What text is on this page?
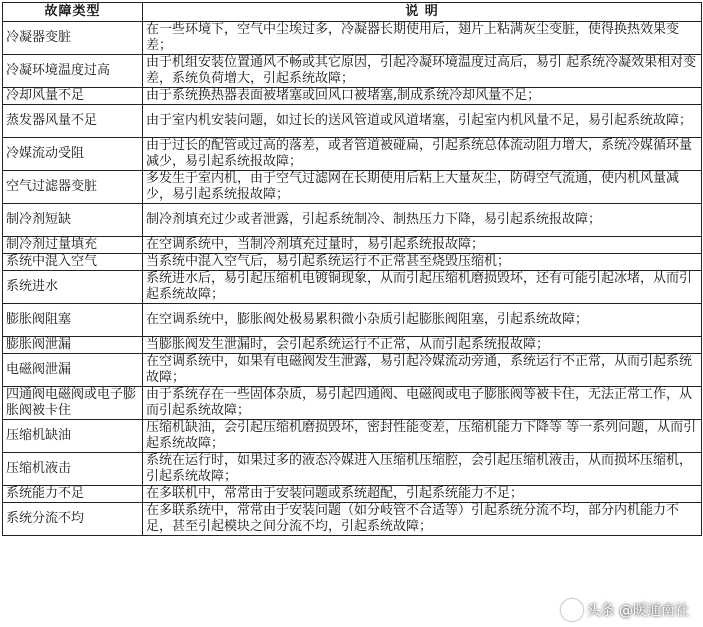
故障类型	说 明
冷凝器变脏	在一些环境下，空气中尘埃过多，冷凝器长期使用后，翅片上粘满灰尘变脏，使得换热效果变差；
冷凝环境温度过高	由于机组安装位置通风不畅或其它原因，引起冷凝环境温度过高后，易引 起系统冷凝效果相对变差，系统负荷增大，引起系统故障；
冷却风量不足	由于系统换热器表面被堵塞或回风口被堵塞,制成系统冷却风量不足；
蒸发器风量不足	由于室内机安装问题，如过长的送风管道或风道堵塞，引起室内机风量不足，易引起系统故障；
冷媒流动受阻	由于过长的配管或过高的落差，或者管道被碰扁，引起系统总体流动阻力增大，系统冷媒循环量减少，易引起系统报故障；
空气过滤器变脏	多发生于室内机，由于空气过滤网在长期使用后粘上大量灰尘，防碍空气流通，使内机风量减少，易引起系统报故障；
制冷剂短缺	制冷剂填充过少或者泄露，引起系统制冷、制热压力下降，易引起系统报故障；
制冷剂过量填充	在空调系统中，当制冷剂填充过量时，易引起系统报故障；
系统中混入空气	当系统中混入空气后，易引起系统运行不正常甚至烧毁压缩机；
系统进水	系统进水后，易引起压缩机电镀铜现象，从而引起压缩机磨损毁坏，还有可能引起冰堵，从而引起系统故障；
膨胀阀阻塞	在空调系统中，膨胀阀处极易累积微小杂质引起膨胀阀阻塞，引起系统故障；
膨胀阀泄漏	当膨胀阀发生泄漏时，会引起系统运行不正常，从而引起系统报故障；
电磁阀泄漏	在空调系统中，如果有电磁阀发生泄露，易引起冷媒流动旁通，系统运行不正常，从而引起系统故障；
四通阀电磁阀或电子膨胀阀被卡住	由于系统存在一些固体杂质，易引起四通阀、电磁阀或电子膨胀阀等被卡住，无法正常工作，从而引起系统故障；
压缩机缺油	压缩机缺油，会引起压缩机磨损毁坏，密封性能变差，压缩机能力下降等 等一系列问题，从而引起系统故障；
压缩机液击	系统在运行时，如果过多的液态冷媒进入压缩机压缩腔，会引起压缩机液击，从而损坏压缩机，引起系统故障；
系统能力不足	在多联机中，常常由于安装问题或系统超配，引起系统能力不足；
系统分流不均	在多联系统中，常常由于安装问题（如分岐管不合适等）引起系统分流不均，部分内机能力不足，甚至引起模块之间分流不均，引起系统故障；
头条 @暖通南社
